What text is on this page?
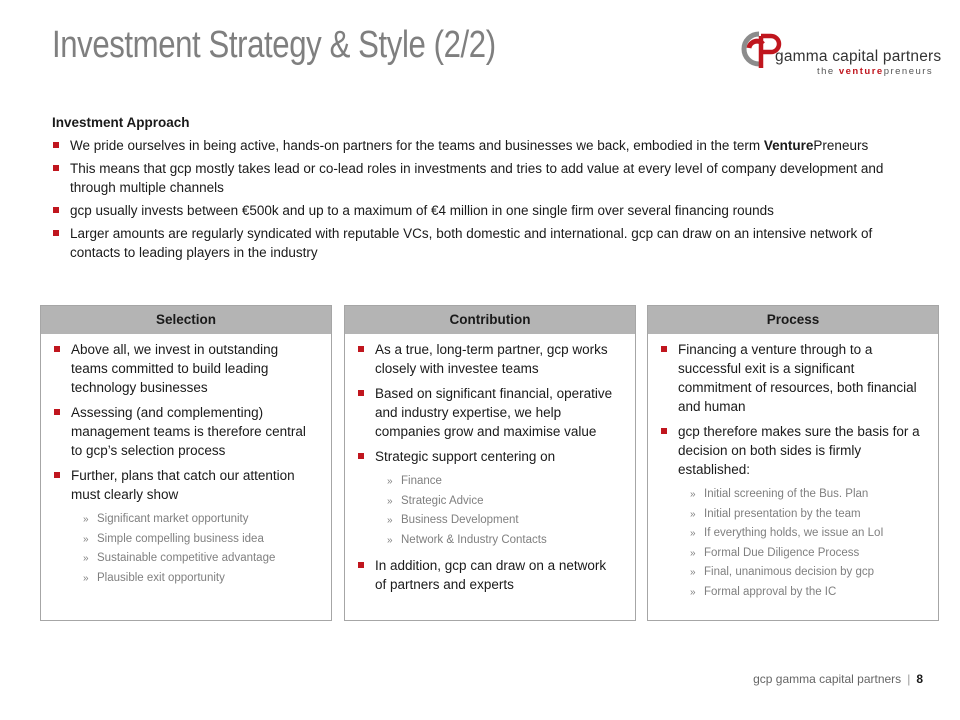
Investment Strategy & Style (2/2)	gamma capital partners
the venturepreneurs
Investment Approach
We pride ourselves in being active, hands-on partners for the teams and businesses we back, embodied in the term VenturePreneurs
This means that gcp mostly takes lead or co-lead roles in investments and tries to add value at every level of company development and through multiple channels
gcp usually invests between €500k and up to a maximum of €4 million in one single firm over several financing rounds
Larger amounts are regularly syndicated with reputable VCs, both domestic and international. gcp can draw on an intensive network of contacts to leading players in the industry
Selection
Above all, we invest in outstanding teams committed to build leading technology businesses
Assessing (and complementing) management teams is therefore central to gcp’s selection process
Further, plans that catch our attention must clearly show
» Significant market opportunity
» Simple compelling business idea
» Sustainable competitive advantage
» Plausible exit opportunity
Contribution
As a true, long-term partner, gcp works closely with investee teams
Based on significant financial, operative and industry expertise, we help companies grow and maximise value
Strategic support centering on
» Finance
» Strategic Advice
» Business Development
» Network & Industry Contacts
In addition, gcp can draw on a network of partners and experts
Process
Financing a venture through to a successful exit is a significant commitment of resources, both financial and human
gcp therefore makes sure the basis for a decision on both sides is firmly established:
» Initial screening of the Bus. Plan
» Initial presentation by the team
» If everything holds, we issue an LoI
» Formal Due Diligence Process
» Final, unanimous decision by gcp
» Formal approval by the IC
gcp gamma capital partners | 8
